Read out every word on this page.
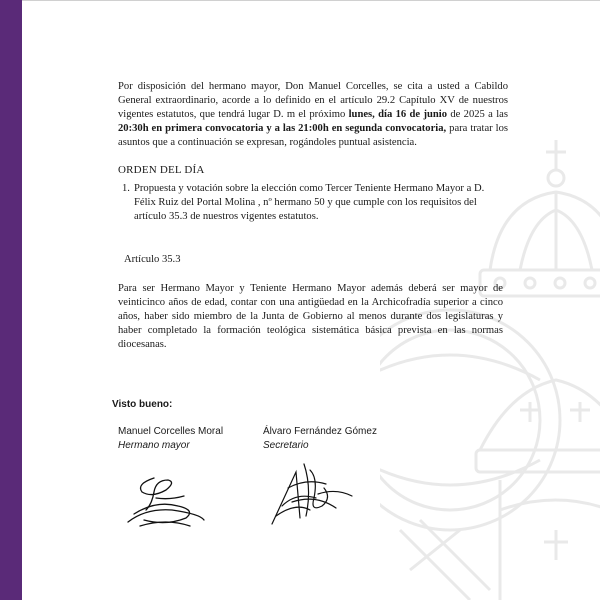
Por disposición del hermano mayor, Don Manuel Corcelles, se cita a usted a Cabildo General extraordinario, acorde a lo definido en el artículo 29.2 Capítulo XV de nuestros vigentes estatutos, que tendrá lugar D. m el próximo lunes, día 16 de junio de 2025 a las 20:30h en primera convocatoria y a las 21:00h en segunda convocatoria, para tratar los asuntos que a continuación se expresan, rogándoles puntual asistencia.

ORDEN DEL DÍA
1. Propuesta y votación sobre la elección como Tercer Teniente Hermano Mayor a D. Félix Ruiz del Portal Molina , nº hermano 50 y que cumple con los requisitos del artículo 35.3 de nuestros vigentes estatutos.
Artículo 35.3

Para ser Hermano Mayor y Teniente Hermano Mayor además deberá ser mayor de veinticinco años de edad, contar con una antigüedad en la Archicofradía superior a cinco años, haber sido miembro de la Junta de Gobierno al menos durante dos legislaturas y haber completado la formación teológica sistemática básica prevista en las normas diocesanas.

Visto bueno:
Manuel Corcelles Moral
Hermano mayor
Álvaro Fernández Gómez
Secretario
